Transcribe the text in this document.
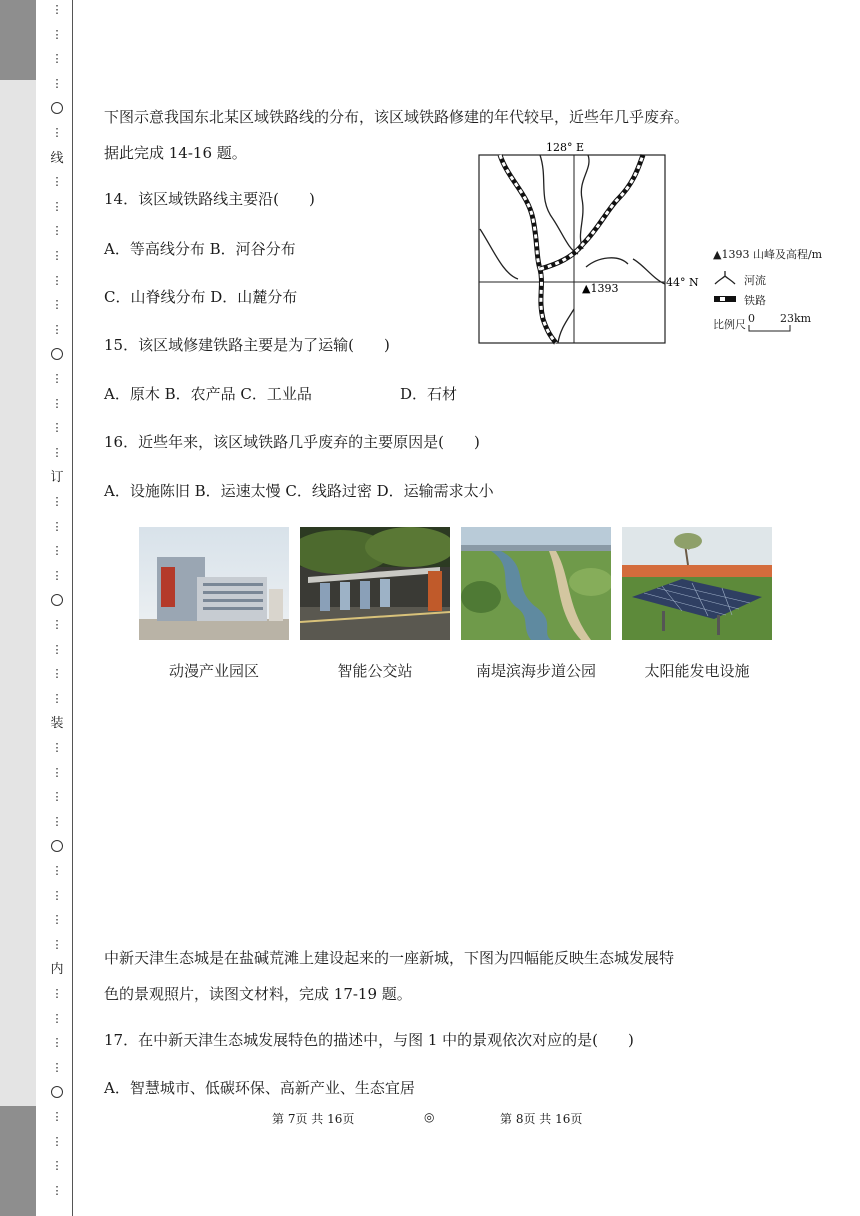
⋮
⋮
⋮
⋮
⋮
线
⋮
⋮
⋮
⋮
⋮
⋮
⋮
⋮
⋮
⋮
⋮
订
⋮
⋮
⋮
⋮
⋮
⋮
⋮
⋮
装
⋮
⋮
⋮
⋮
⋮
⋮
⋮
⋮
内
⋮
⋮
⋮
⋮
⋮
⋮
⋮
⋮
下图示意我国东北某区域铁路线的分布，该区域铁路修建的年代较早，近些年几乎废弃。
据此完成 14-16 题。
14．该区域铁路线主要沿(　　)
A．等高线分布 B．河谷分布
C．山脊线分布 D．山麓分布
15．该区域修建铁路主要是为了运输(　　)
A．原木 B．农产品 C．工业品	D．石材
16．近些年来，该区域铁路几乎废弃的主要原因是(　　)
A．设施陈旧 B．运速太慢 C．线路过密 D．运输需求太小
128° E
44° N
▲1393
▲1393 山峰及高程/m
河流
铁路
比例尺 0 23km
动漫产业园区	智能公交站	南堤滨海步道公园	太阳能发电设施
中新天津生态城是在盐碱荒滩上建设起来的一座新城，下图为四幅能反映生态城发展特
色的景观照片，读图文材料，完成 17-19 题。
17．在中新天津生态城发展特色的描述中，与图 1 中的景观依次对应的是(　　)
A．智慧城市、低碳环保、高新产业、生态宜居
第 7页 共 16页	◎	第 8页 共 16页
